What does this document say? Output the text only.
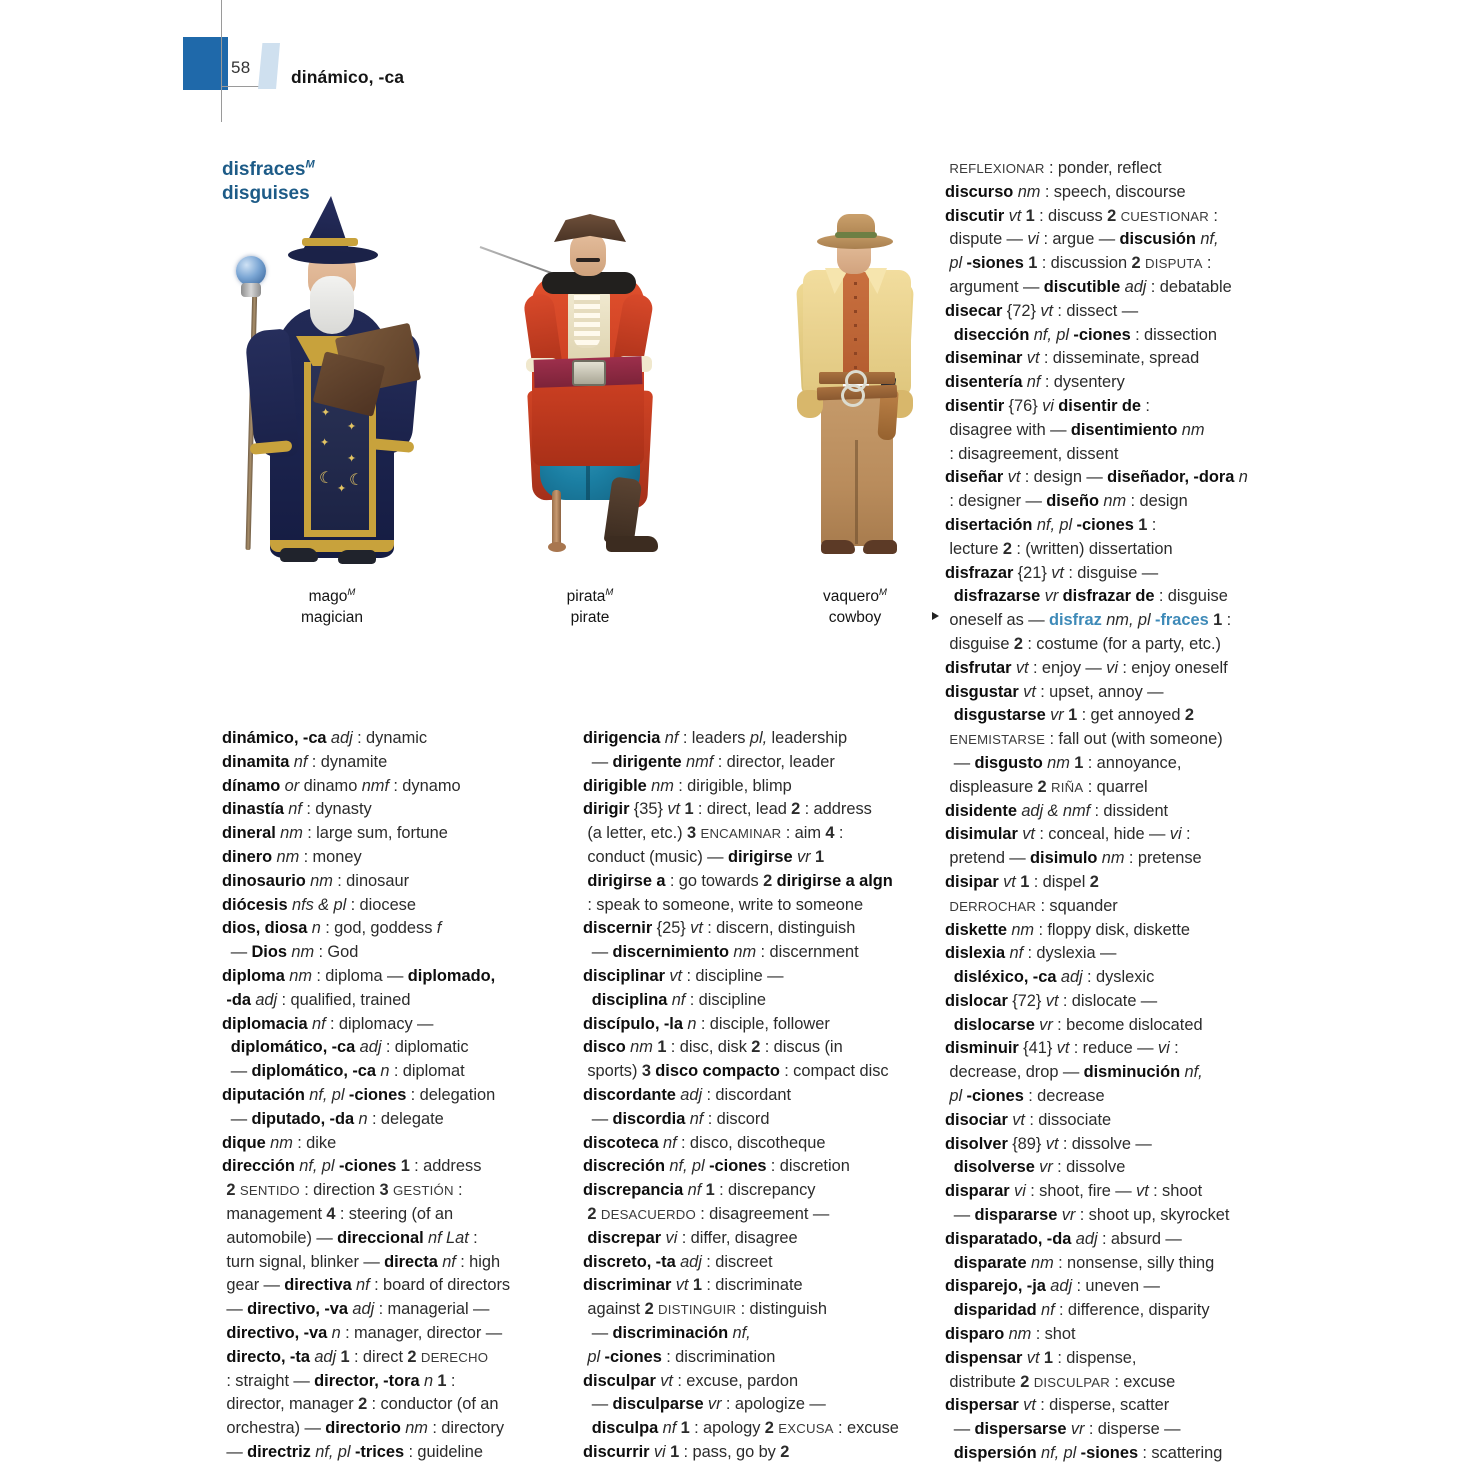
58 dinámico, -ca
disfraces$^M$
disguises
✦
✦
✦
✦
☾
✦ ☾
mago$^M$
magician
pirata$^M$
pirate
vaquero$^M$
cowboy
dinámico, -ca adj : dynamic
dinamita nf : dynamite
dínamo or dinamo nmf : dynamo
dinastía nf : dynasty
dineral nm : large sum, fortune
dinero nm : money
dinosaurio nm : dinosaur
diócesis nfs & pl : diocese
dios, diosa n : god, goddess f
— Dios nm : God
diploma nm : diploma — diplomado,
-da adj : qualified, trained
diplomacia nf : diplomacy —
diplomático, -ca adj : diplomatic
— diplomático, -ca n : diplomat
diputación nf, pl -ciones : delegation
— diputado, -da n : delegate
dique nm : dike
dirección nf, pl -ciones 1 : address
2 SENTIDO : direction 3 GESTIÓN :
management 4 : steering (of an
automobile) — direccional nf Lat :
turn signal, blinker — directa nf : high
gear — directiva nf : board of directors
— directivo, -va adj : managerial —
directivo, -va n : manager, director —
directo, -ta adj 1 : direct 2 DERECHO
: straight — director, -tora n 1 :
director, manager 2 : conductor (of an
orchestra) — directorio nm : directory
— directriz nf, pl -trices : guideline
dirigencia nf : leaders pl, leadership
— dirigente nmf : director, leader
dirigible nm : dirigible, blimp
dirigir {35} vt 1 : direct, lead 2 : address
(a letter, etc.) 3 ENCAMINAR : aim 4 :
conduct (music) — dirigirse vr 1
dirigirse a : go towards 2 dirigirse a algn
: speak to someone, write to someone
discernir {25} vt : discern, distinguish
— discernimiento nm : discernment
disciplinar vt : discipline —
disciplina nf : discipline
discípulo, -la n : disciple, follower
disco nm 1 : disc, disk 2 : discus (in
sports) 3 disco compacto : compact disc
discordante adj : discordant
— discordia nf : discord
discoteca nf : disco, discotheque
discreción nf, pl -ciones : discretion
discrepancia nf 1 : discrepancy
2 DESACUERDO : disagreement —
discrepar vi : differ, disagree
discreto, -ta adj : discreet
discriminar vt 1 : discriminate
against 2 DISTINGUIR : distinguish
— discriminación nf,
pl -ciones : discrimination
disculpar vt : excuse, pardon
— disculparse vr : apologize —
disculpa nf 1 : apology 2 EXCUSA : excuse
discurrir vi 1 : pass, go by 2
REFLEXIONAR : ponder, reflect
discurso nm : speech, discourse
discutir vt 1 : discuss 2 CUESTIONAR :
dispute — vi : argue — discusión nf,
pl -siones 1 : discussion 2 DISPUTA :
argument — discutible adj : debatable
disecar {72} vt : dissect —
disección nf, pl -ciones : dissection
diseminar vt : disseminate, spread
disentería nf : dysentery
disentir {76} vi disentir de :
disagree with — disentimiento nm
: disagreement, dissent
diseñar vt : design — diseñador, -dora n
: designer — diseño nm : design
disertación nf, pl -ciones 1 :
lecture 2 : (written) dissertation
disfrazar {21} vt : disguise —
disfrazarse vr disfrazar de : disguise
oneself as — disfraz nm, pl -fraces 1 :
disguise 2 : costume (for a party, etc.)
disfrutar vt : enjoy — vi : enjoy oneself
disgustar vt : upset, annoy —
disgustarse vr 1 : get annoyed 2
ENEMISTARSE : fall out (with someone)
— disgusto nm 1 : annoyance,
displeasure 2 RIÑA : quarrel
disidente adj & nmf : dissident
disimular vt : conceal, hide — vi :
pretend — disimulo nm : pretense
disipar vt 1 : dispel 2
DERROCHAR : squander
diskette nm : floppy disk, diskette
dislexia nf : dyslexia —
disléxico, -ca adj : dyslexic
dislocar {72} vt : dislocate —
dislocarse vr : become dislocated
disminuir {41} vt : reduce — vi :
decrease, drop — disminución nf,
pl -ciones : decrease
disociar vt : dissociate
disolver {89} vt : dissolve —
disolverse vr : dissolve
disparar vi : shoot, fire — vt : shoot
— dispararse vr : shoot up, skyrocket
disparatado, -da adj : absurd —
disparate nm : nonsense, silly thing
disparejo, -ja adj : uneven —
disparidad nf : difference, disparity
disparo nm : shot
dispensar vt 1 : dispense,
distribute 2 DISCULPAR : excuse
dispersar vt : disperse, scatter
— dispersarse vr : disperse —
dispersión nf, pl -siones : scattering
